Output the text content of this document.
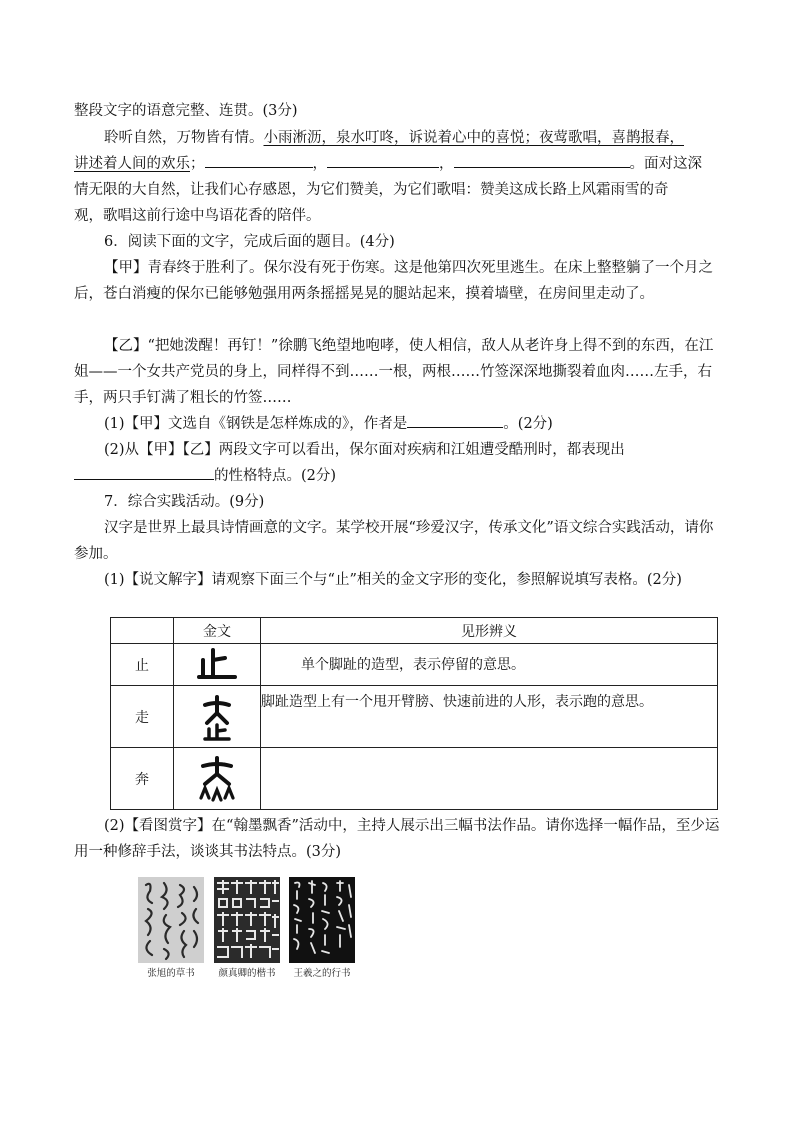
整段文字的语意完整、连贯。(3分)

聆听自然，万物皆有情。小雨淅沥，泉水叮咚，诉说着心中的喜悦；夜莺歌唱，喜鹊报春，
讲述着人间的欢乐；	，	，	。面对这深

情无限的大自然，让我们心存感恩，为它们赞美，为它们歌唱：赞美这成长路上风霜雨雪的奇

观，歌唱这前行途中鸟语花香的陪伴。

6．阅读下面的文字，完成后面的题目。(4分)

【甲】青春终于胜利了。保尔没有死于伤寒。这是他第四次死里逃生。在床上整整躺了一个月之后，苍白消瘦的保尔已能够勉强用两条摇摇晃晃的腿站起来，摸着墙壁，在房间里走动了。

【乙】“把她泼醒！再钉！”徐鹏飞绝望地咆哮，使人相信，敌人从老许身上得不到的东西，在江姐——一个女共产党员的身上，同样得不到……一根，两根……竹签深深地撕裂着血肉……左手，右手，两只手钉满了粗长的竹签……

(1)【甲】文选自《钢铁是怎样炼成的》，作者是	。(2分)
(2)从【甲】【乙】两段文字可以看出，保尔面对疾病和江姐遭受酷刑时，都表现出的性格特点。(2分)

7．综合实践活动。(9分)

汉字是世界上最具诗情画意的文字。某学校开展“珍爱汉字，传承文化”语文综合实践活动，请你参加。

(1)【说文解字】请观察下面三个与“止”相关的金文字形的变化，参照解说填写表格。(2分)

	金文	见形辨义
止		单个脚趾的造型，表示停留的意思。
走		脚趾造型上有一个甩开臂膀、快速前进的人形，表示跑的意思。
奔	

(2)【看图赏字】在“翰墨飘香”活动中，主持人展示出三幅书法作品。请你选择一幅作品，至少运用一种修辞手法，谈谈其书法特点。(3分)

张旭的草书	颜真卿的楷书	王羲之的行书
